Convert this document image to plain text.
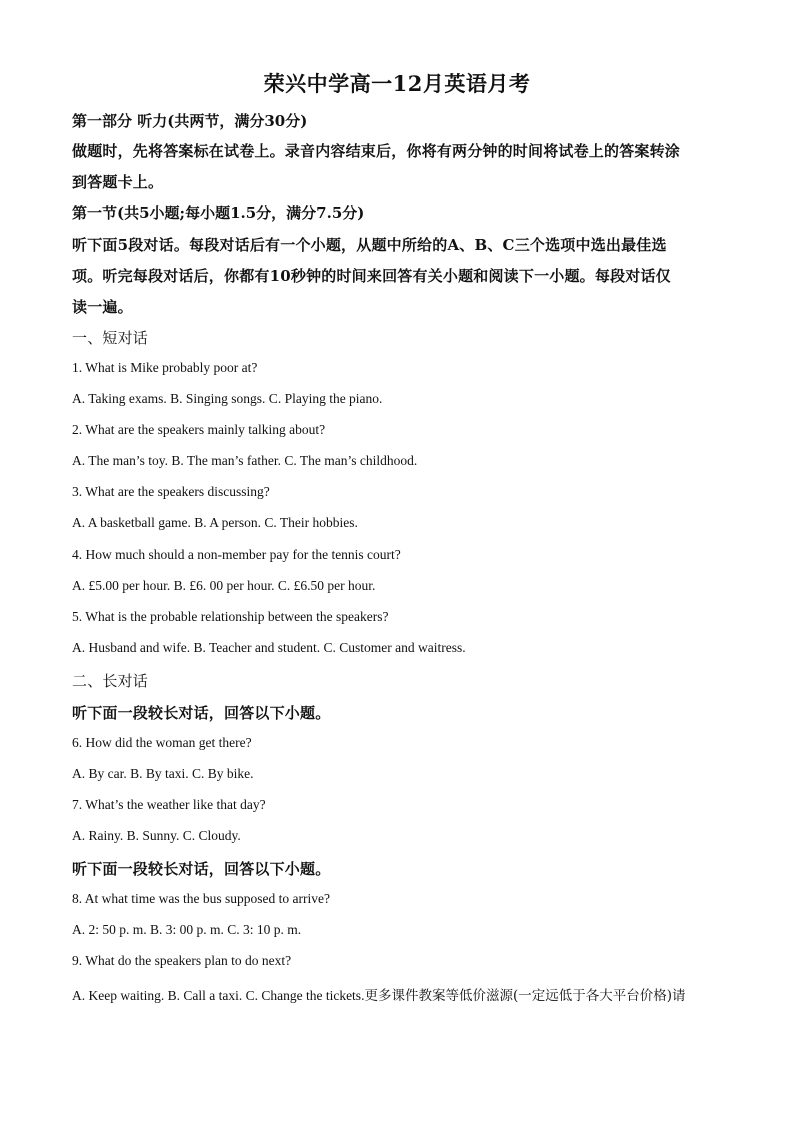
荣兴中学高一12月英语月考
第一部分 听力(共两节，满分30分)
做题时，先将答案标在试卷上。录音内容结束后，你将有两分钟的时间将试卷上的答案转涂
到答题卡上。
第一节(共5小题;每小题1.5分，满分7.5分)
听下面5段对话。每段对话后有一个小题，从题中所给的A、B、C三个选项中选出最佳选
项。听完每段对话后，你都有10秒钟的时间来回答有关小题和阅读下一小题。每段对话仅
读一遍。
一、短对话
1. What is Mike probably poor at?
A. Taking exams. B. Singing songs. C. Playing the piano.
2. What are the speakers mainly talking about?
A. The man’s toy. B. The man’s father. C. The man’s childhood.
3. What are the speakers discussing?
A. A basketball game. B. A person. C. Their hobbies.
4. How much should a non-member pay for the tennis court?
A. £5.00 per hour. B. £6. 00 per hour. C. £6.50 per hour.
5. What is the probable relationship between the speakers?
A. Husband and wife. B. Teacher and student. C. Customer and waitress.
二、长对话
听下面一段较长对话，回答以下小题。
6. How did the woman get there?
A. By car. B. By taxi. C. By bike.
7. What’s the weather like that day?
A. Rainy. B. Sunny. C. Cloudy.
听下面一段较长对话，回答以下小题。
8. At what time was the bus supposed to arrive?
A. 2: 50 p. m. B. 3: 00 p. m. C. 3: 10 p. m.
9. What do the speakers plan to do next?
A. Keep waiting. B. Call a taxi. C. Change the tickets.更多课件教案等低价滋源(一定远低于各大平台价格)请
